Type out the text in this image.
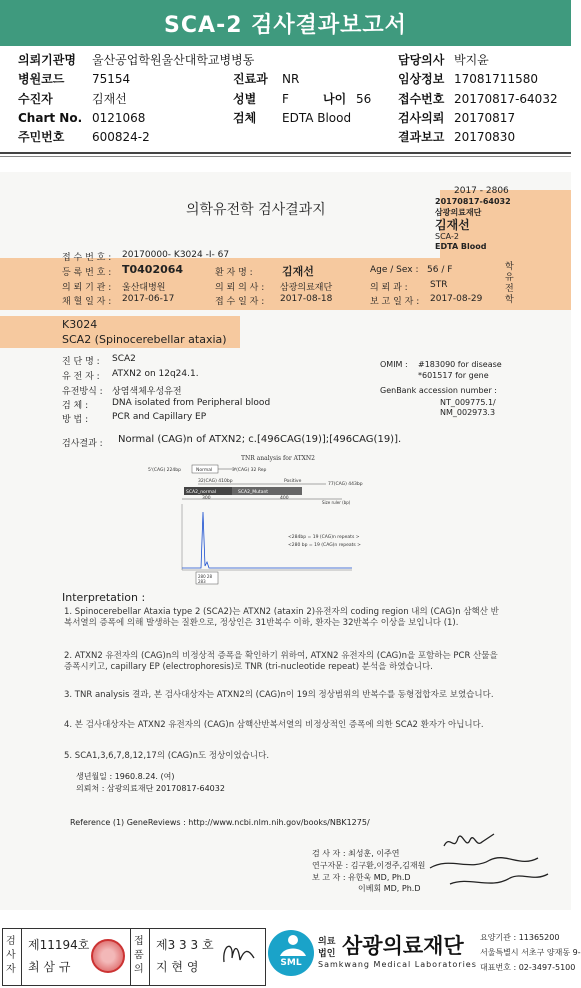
SCA-2 검사결과보고서
의뢰기관명 울산공업학원울산대학교병병동	담당의사 박지윤
병원코드 75154	진료과 NR	임상정보 17081711580
수진자	김재선	성별 F	나이 56 접수번호 20170817-64032
Chart No. 0121068	검체 EDTA Blood	검사의뢰 20170817
주민번호 600824-2	결과보고 20170830
의학유전학 검사결과지
2017 - 2806
20170817-64032
삼광의료재단
김재선
SCA-2
EDTA Blood
접 수 번 호 : 20170000- K3024 -I- 67
등 록 번 호 : T0402064	환 자 명 :	김재선	Age / Sex : 56 / F	학 유 전 학
의 뢰 기 관 : 울산대병원	의 뢰 의 사 : 삼광의료재단	의 뢰 과 : STR
채 혈 일 자 : 2017-06-17	접 수 일 자 : 2017-08-18	보 고 일 자 : 2017-08-29
K3024
SCA2 (Spinocerebellar ataxia)
진 단 명 : SCA2
유 전 자 : ATXN2 on 12q24.1.
유전방식 : 상염색체우성유전
검 체 :	DNA isolated from Peripheral blood
방 법 :	PCR and Capillary EP
OMIM : #183090 for disease
*601517 for gene
GenBank accession number :
NT_009775.1/
NM_002973.3
검사결과 : Normal (CAG)n of ATXN2; c.[496CAG(19)];[496CAG(19)].
TNR analysis for ATXN2
5'(CAG) 224bp	Normal	3'(CAG) 32 Rep
32(CAG) 410bp	Positive
77(CAG) 443bp
SCA2_normal	SCA2_Mutant
300	400
Size ruler (bp)
<284bp = 19 (CAG)n repeats >
<280 bp = 19 (CAG)n repeats >
280 28
283
Interpretation :
1. Spinocerebellar Ataxia type 2 (SCA2)는 ATXN2 (ataxin 2)유전자의 coding region 내의 (CAG)n 삼핵산 반복서열의 증폭에 의해 발생하는 질환으로, 정상인은 31반복수 이하, 환자는 32반복수 이상을 보입니다 (1).
2. ATXN2 유전자의 (CAG)n의 비정상적 증폭을 확인하기 위하여, ATXN2 유전자의 (CAG)n을 포함하는 PCR 산물을 증폭시키고, capillary EP (electrophoresis)로 TNR (tri-nucleotide repeat) 분석을 하였습니다.
3. TNR analysis 결과, 본 검사대상자는 ATXN2의 (CAG)n이 19의 정상범위의 반복수를 동형접합자로 보였습니다.
4. 본 검사대상자는 ATXN2 유전자의 (CAG)n 삼핵산반복서열의 비정상적인 증폭에 의한 SCA2 환자가 아닙니다.
5. SCA1,3,6,7,8,12,17의 (CAG)n도 정상이었습니다.
생년월일 : 1960.8.24. (여)
의뢰처 : 삼광의료재단 20170817-64032
Reference (1) GeneReviews : http://www.ncbi.nlm.nih.gov/books/NBK1275/
검 사 자 : 최성훈, 이주연
연구자문 : 김구환,이경주,김재원
보 고 자 : 유한욱 MD, Ph.D
이베회 MD, Ph.D
검사자
제11194호
최 삼 규
접품의
제3 3 3 호
지 현 영	SML
의료
법인 삼광의료재단
Samkwang Medical Laboratories
요양기관 : 11365200
서울특별시 서초구 양재동 9-
대표번호 : 02-3497-5100
